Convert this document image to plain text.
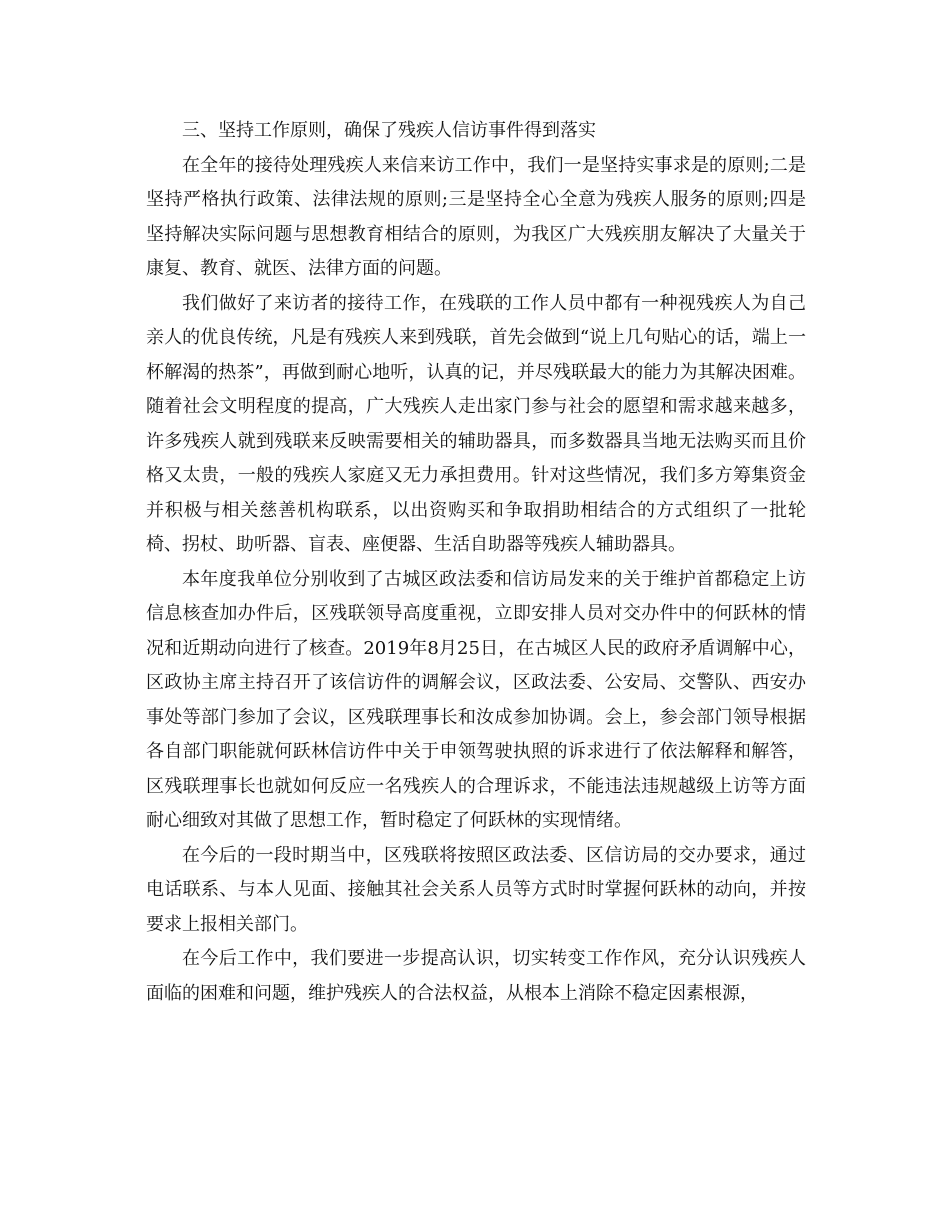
三、坚持工作原则，确保了残疾人信访事件得到落实

在全年的接待处理残疾人来信来访工作中，我们一是坚持实事求是的原则;二是坚持严格执行政策、法律法规的原则;三是坚持全心全意为残疾人服务的原则;四是坚持解决实际问题与思想教育相结合的原则，为我区广大残疾朋友解决了大量关于康复、教育、就医、法律方面的问题。

我们做好了来访者的接待工作，在残联的工作人员中都有一种视残疾人为自己亲人的优良传统，凡是有残疾人来到残联，首先会做到“说上几句贴心的话，端上一杯解渴的热茶”，再做到耐心地听，认真的记，并尽残联最大的能力为其解决困难。随着社会文明程度的提高，广大残疾人走出家门参与社会的愿望和需求越来越多，许多残疾人就到残联来反映需要相关的辅助器具，而多数器具当地无法购买而且价格又太贵，一般的残疾人家庭又无力承担费用。针对这些情况，我们多方筹集资金并积极与相关慈善机构联系，以出资购买和争取捐助相结合的方式组织了一批轮椅、拐杖、助听器、盲表、座便器、生活自助器等残疾人辅助器具。

本年度我单位分别收到了古城区政法委和信访局发来的关于维护首都稳定上访信息核查加办件后，区残联领导高度重视，立即安排人员对交办件中的何跃林的情况和近期动向进行了核查。2019年8月25日，在古城区人民的政府矛盾调解中心，区政协主席主持召开了该信访件的调解会议，区政法委、公安局、交警队、西安办事处等部门参加了会议，区残联理事长和汝成参加协调。会上，参会部门领导根据各自部门职能就何跃林信访件中关于申领驾驶执照的诉求进行了依法解释和解答，区残联理事长也就如何反应一名残疾人的合理诉求，不能违法违规越级上访等方面耐心细致对其做了思想工作，暂时稳定了何跃林的实现情绪。

在今后的一段时期当中，区残联将按照区政法委、区信访局的交办要求，通过电话联系、与本人见面、接触其社会关系人员等方式时时掌握何跃林的动向，并按要求上报相关部门。

在今后工作中，我们要进一步提高认识，切实转变工作作风，充分认识残疾人面临的困难和问题，维护残疾人的合法权益，从根本上消除不稳定因素根源，
